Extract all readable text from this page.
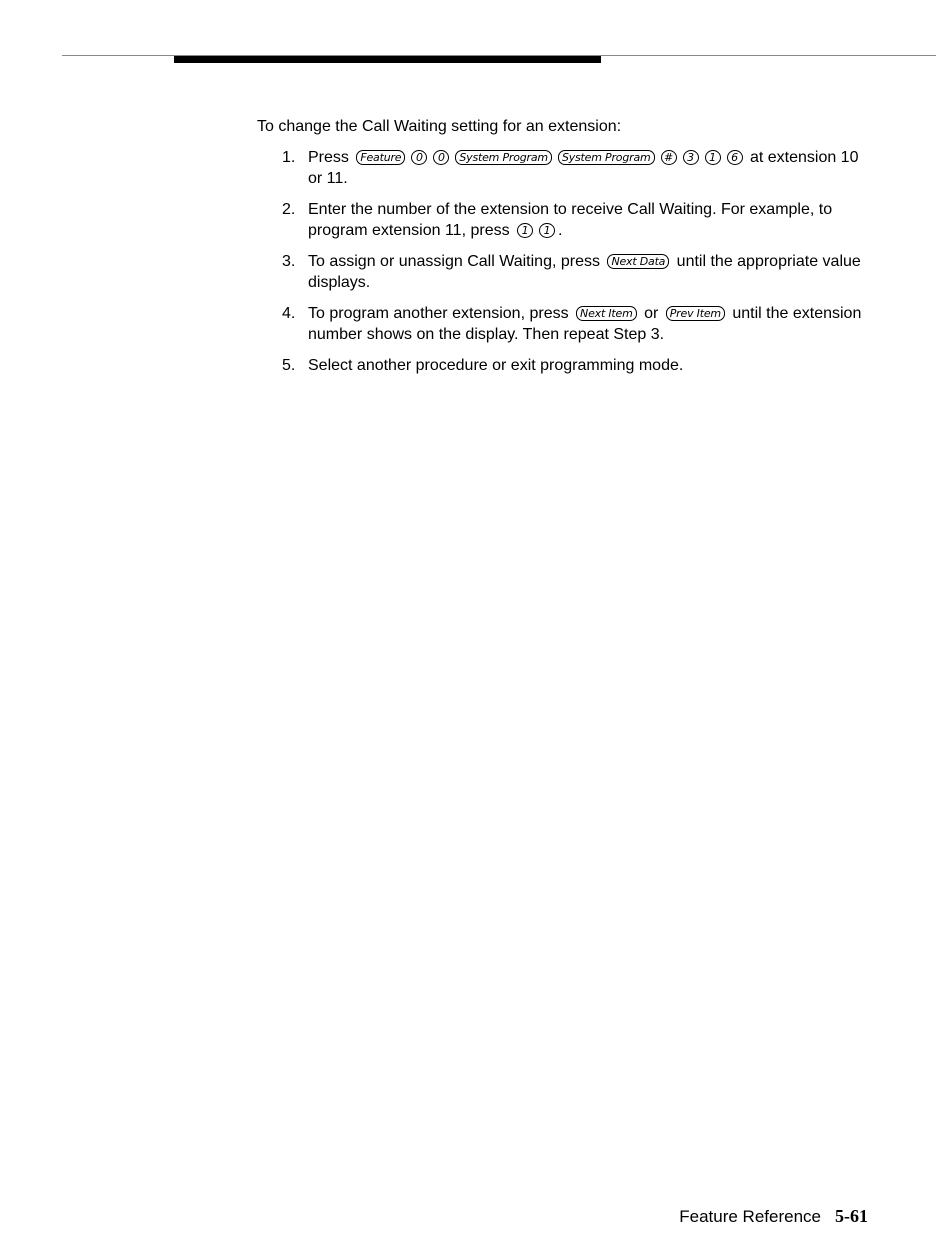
To change the Call Waiting setting for an extension:

1. Press Feature 0 0 System Program System Program # 3 1 6 at extension 10 or 11.
2. Enter the number of the extension to receive Call Waiting. For example, to program extension 11, press 1 1 .
3. To assign or unassign Call Waiting, press Next Data until the appropriate value displays.
4. To program another extension, press Next Item or Prev Item until the extension number shows on the display. Then repeat Step 3.
5. Select another procedure or exit programming mode.
Feature Reference 5-61
